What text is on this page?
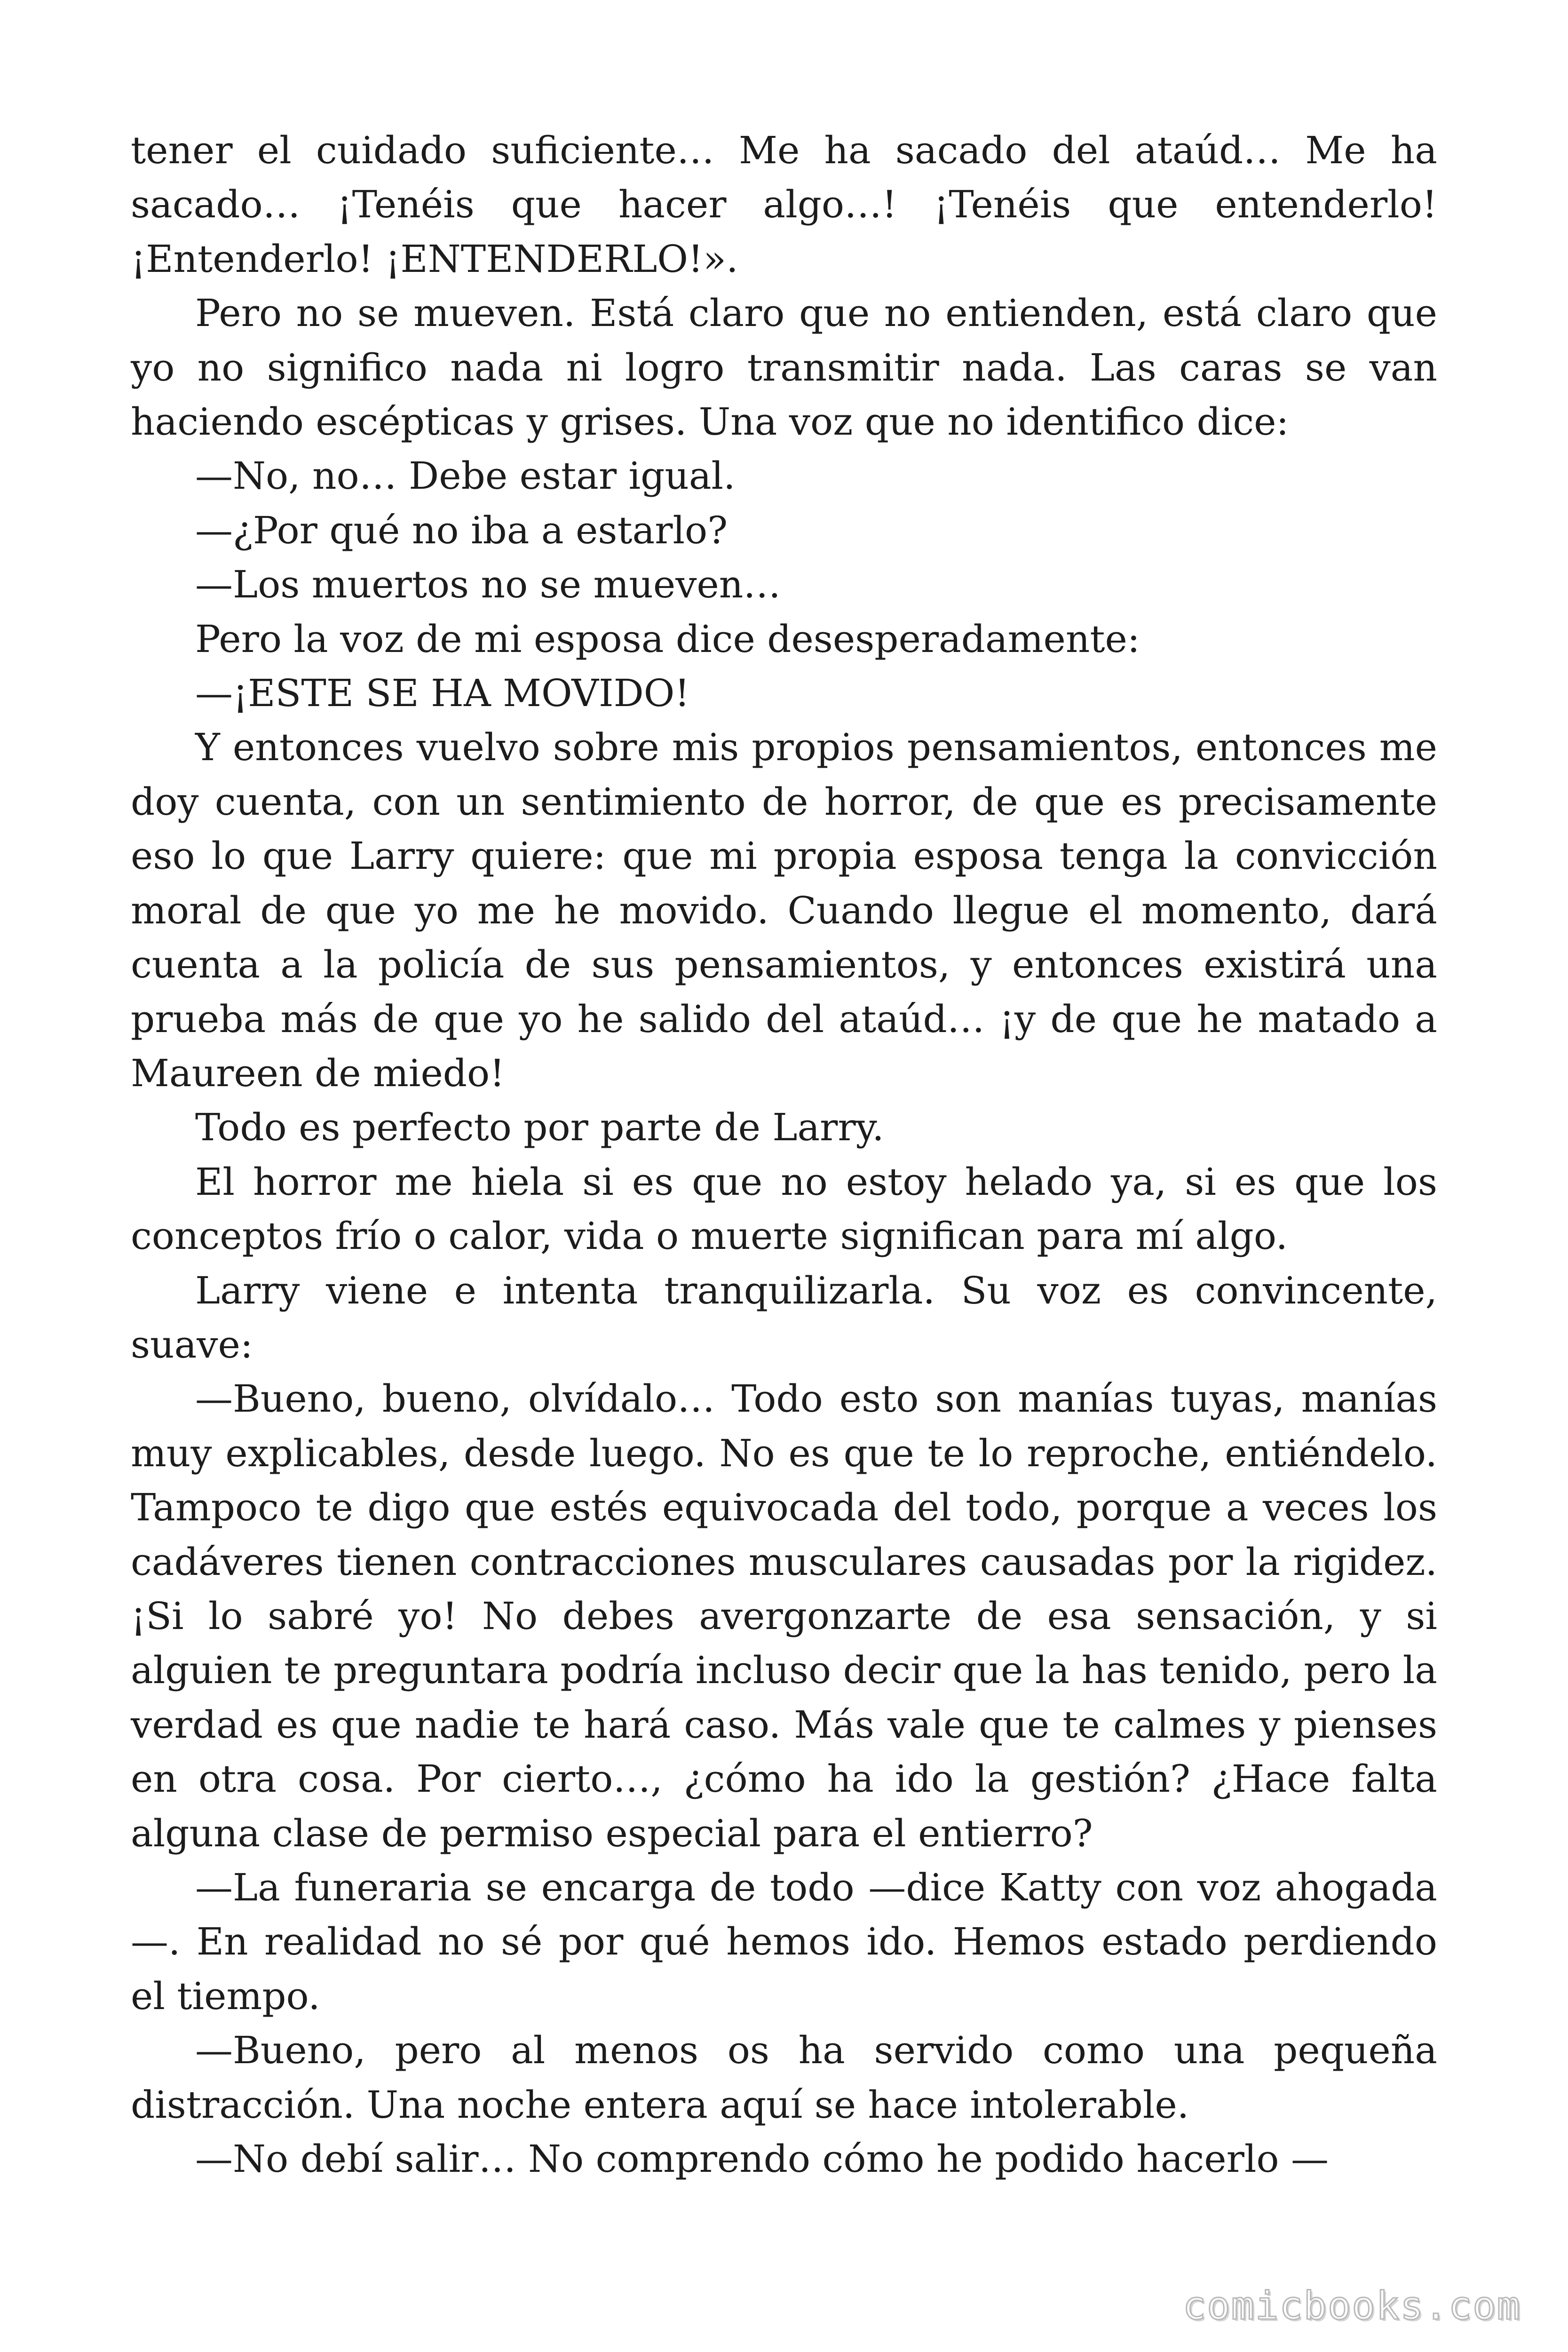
tener el cuidado suficiente… Me ha sacado del ataúd… Me ha sacado… ¡Tenéis que hacer algo…! ¡Tenéis que entenderlo! ¡Entenderlo! ¡ENTENDERLO!».

Pero no se mueven. Está claro que no entienden, está claro que yo no significo nada ni logro transmitir nada. Las caras se van haciendo escépticas y grises. Una voz que no identifico dice:

—No, no… Debe estar igual.

—¿Por qué no iba a estarlo?

—Los muertos no se mueven…

Pero la voz de mi esposa dice desesperadamente:

—¡ESTE SE HA MOVIDO!

Y entonces vuelvo sobre mis propios pensamientos, entonces me doy cuenta, con un sentimiento de horror, de que es precisamente eso lo que Larry quiere: que mi propia esposa tenga la convicción moral de que yo me he movido. Cuando llegue el momento, dará cuenta a la policía de sus pensamientos, y entonces existirá una prueba más de que yo he salido del ataúd… ¡y de que he matado a Maureen de miedo!

Todo es perfecto por parte de Larry.

El horror me hiela si es que no estoy helado ya, si es que los conceptos frío o calor, vida o muerte significan para mí algo.

Larry viene e intenta tranquilizarla. Su voz es convincente, suave:

—Bueno, bueno, olvídalo… Todo esto son manías tuyas, manías muy explicables, desde luego. No es que te lo reproche, entiéndelo. Tampoco te digo que estés equivocada del todo, porque a veces los cadáveres tienen contracciones musculares causadas por la rigidez. ¡Si lo sabré yo! No debes avergonzarte de esa sensación, y si alguien te preguntara podría incluso decir que la has tenido, pero la verdad es que nadie te hará caso. Más vale que te calmes y pienses en otra cosa. Por cierto…, ¿cómo ha ido la gestión? ¿Hace falta alguna clase de permiso especial para el entierro?

—La funeraria se encarga de todo —dice Katty con voz ahogada —. En realidad no sé por qué hemos ido. Hemos estado perdiendo el tiempo.

—Bueno, pero al menos os ha servido como una pequeña distracción. Una noche entera aquí se hace intolerable.

—No debí salir… No comprendo cómo he podido hacerlo —

comicbooks.com
